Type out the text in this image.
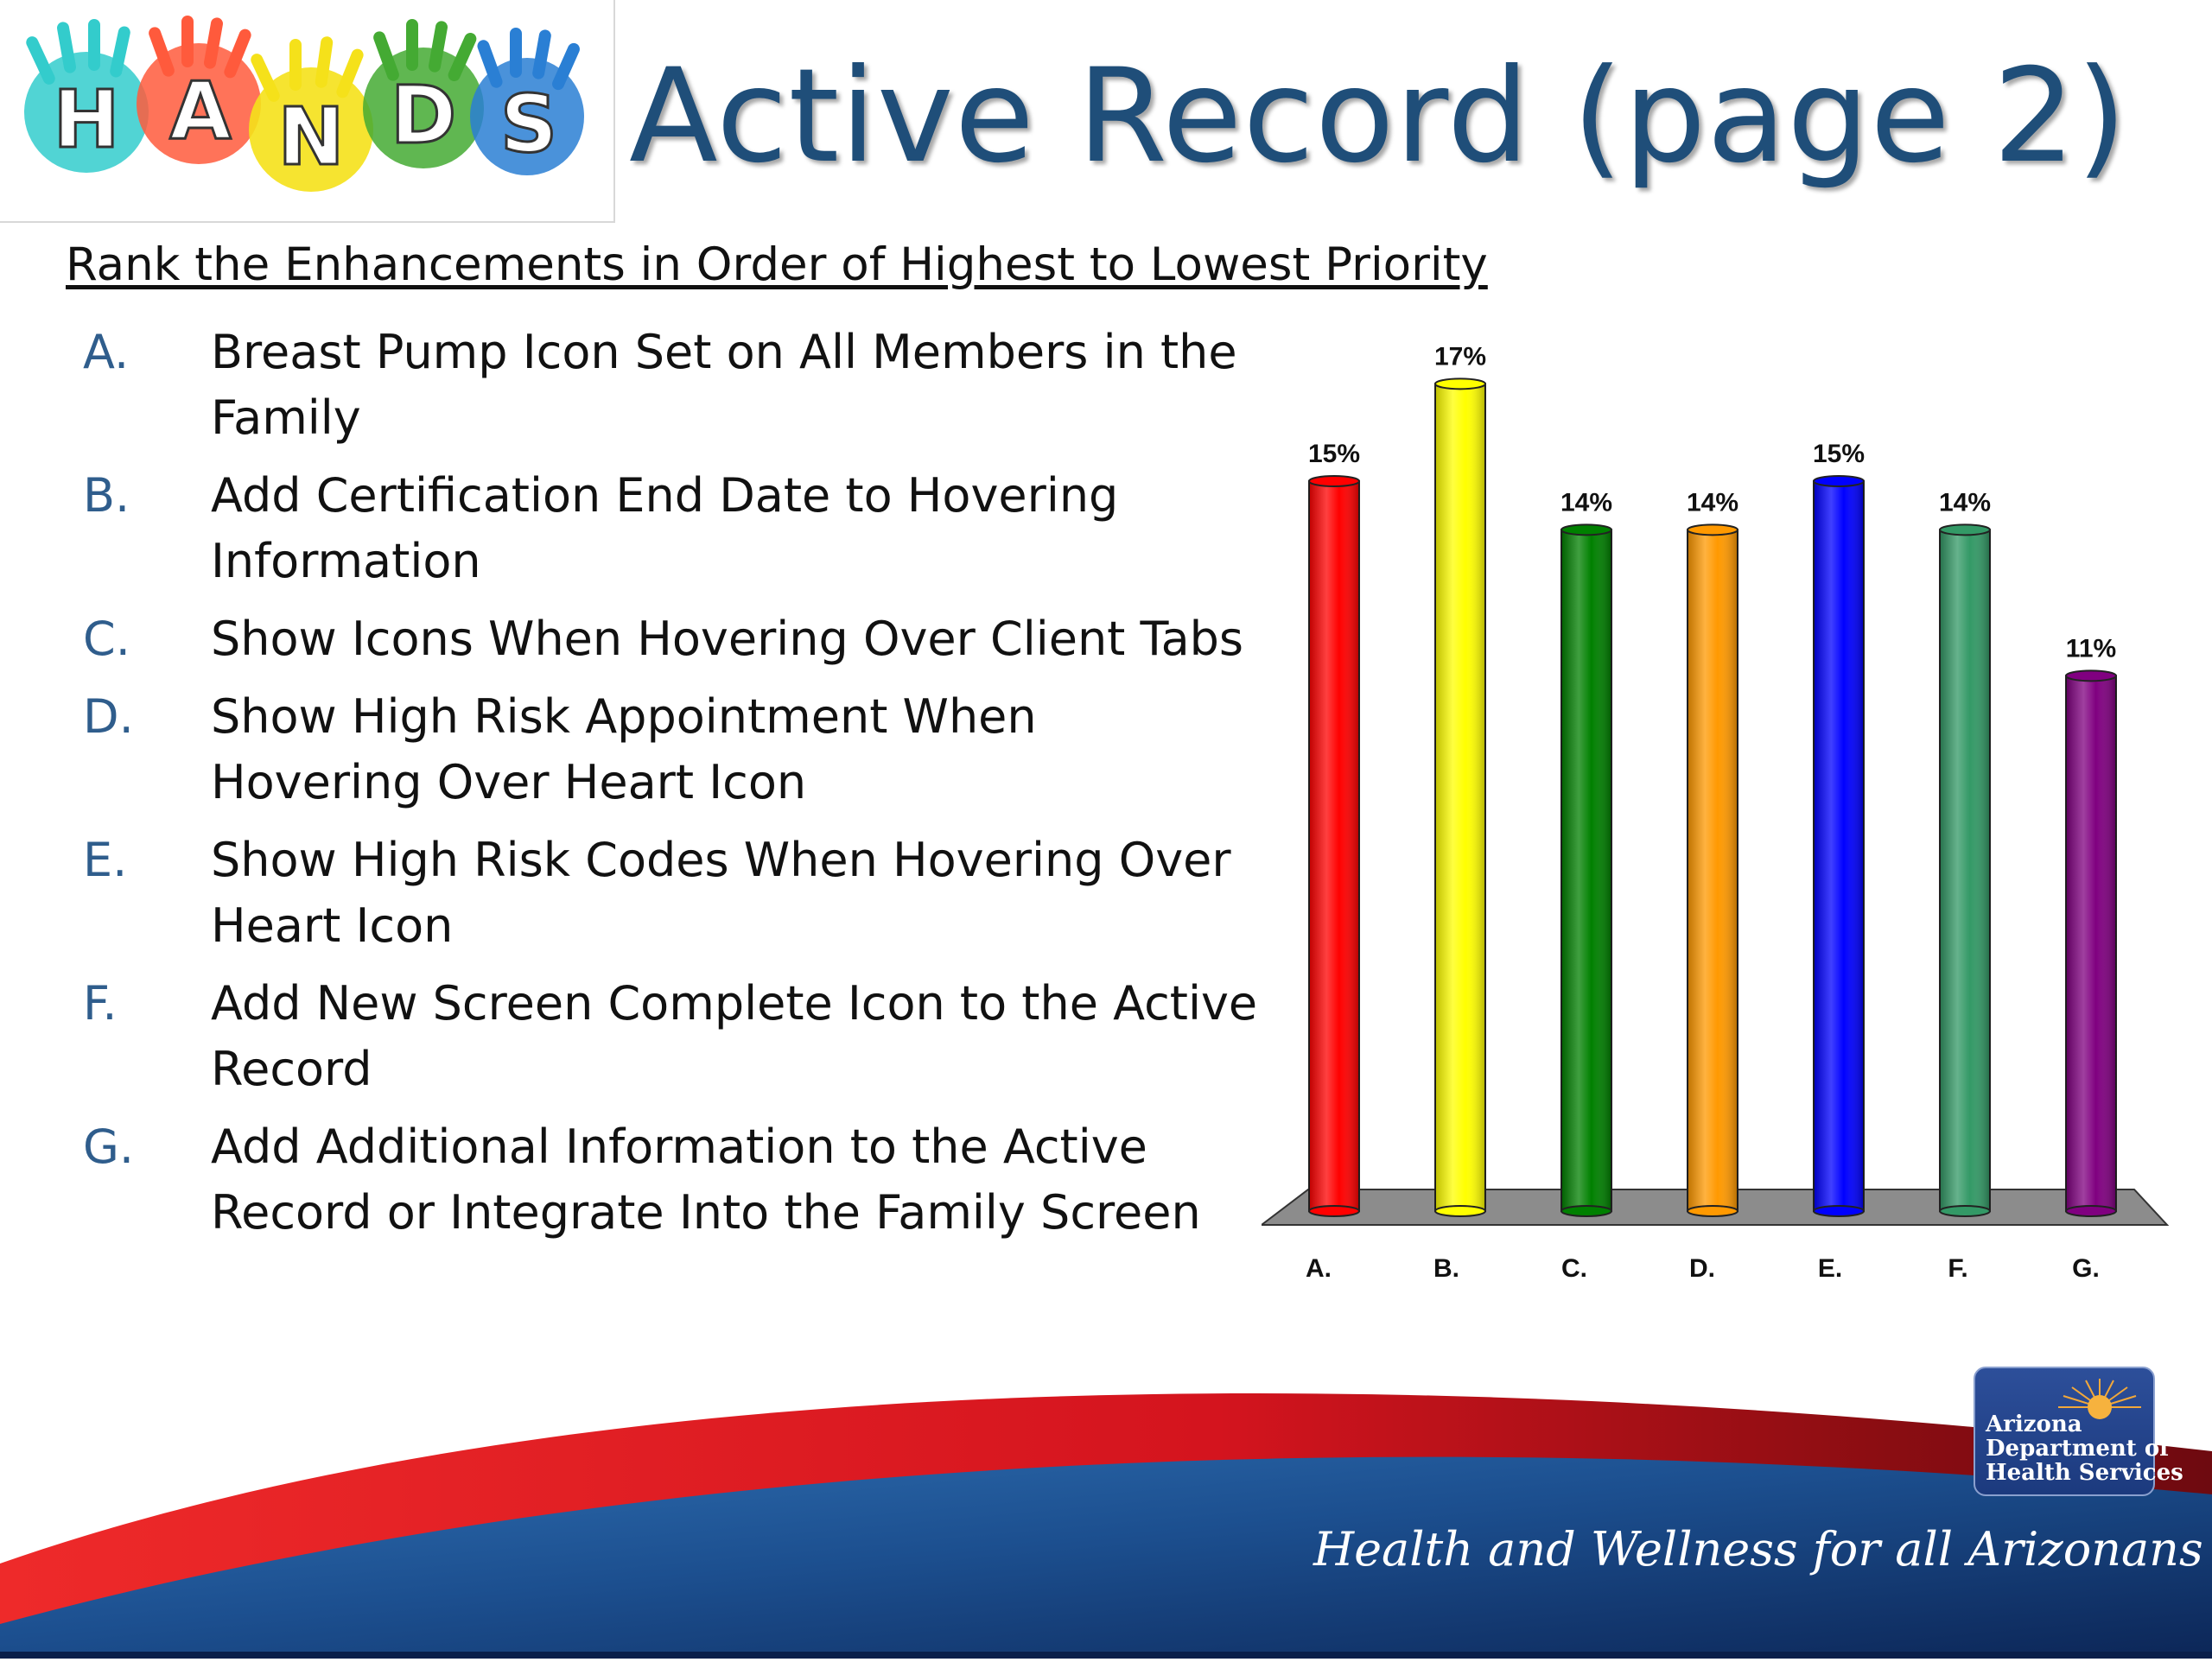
H A N D S Active Record (page 2)
Rank the Enhancements in Order of Highest to Lowest Priority
A.	Breast Pump Icon Set on All Members in the Family
B.	Add Certification End Date to Hovering Information
C.	Show Icons When Hovering Over Client Tabs
D.	Show High Risk Appointment When Hovering Over Heart Icon
E.	Show High Risk Codes When Hovering Over Heart Icon
F.	Add New Screen Complete Icon to the Active Record
G.	Add Additional Information to the Active Record or Integrate Into the Family Screen
15%
17%
14%	14%
15%
14%
11%
A.	B.	C.	D.	E.	F.	G.
Health and Wellness for all Arizonans
Arizona
Department of
Health Services
